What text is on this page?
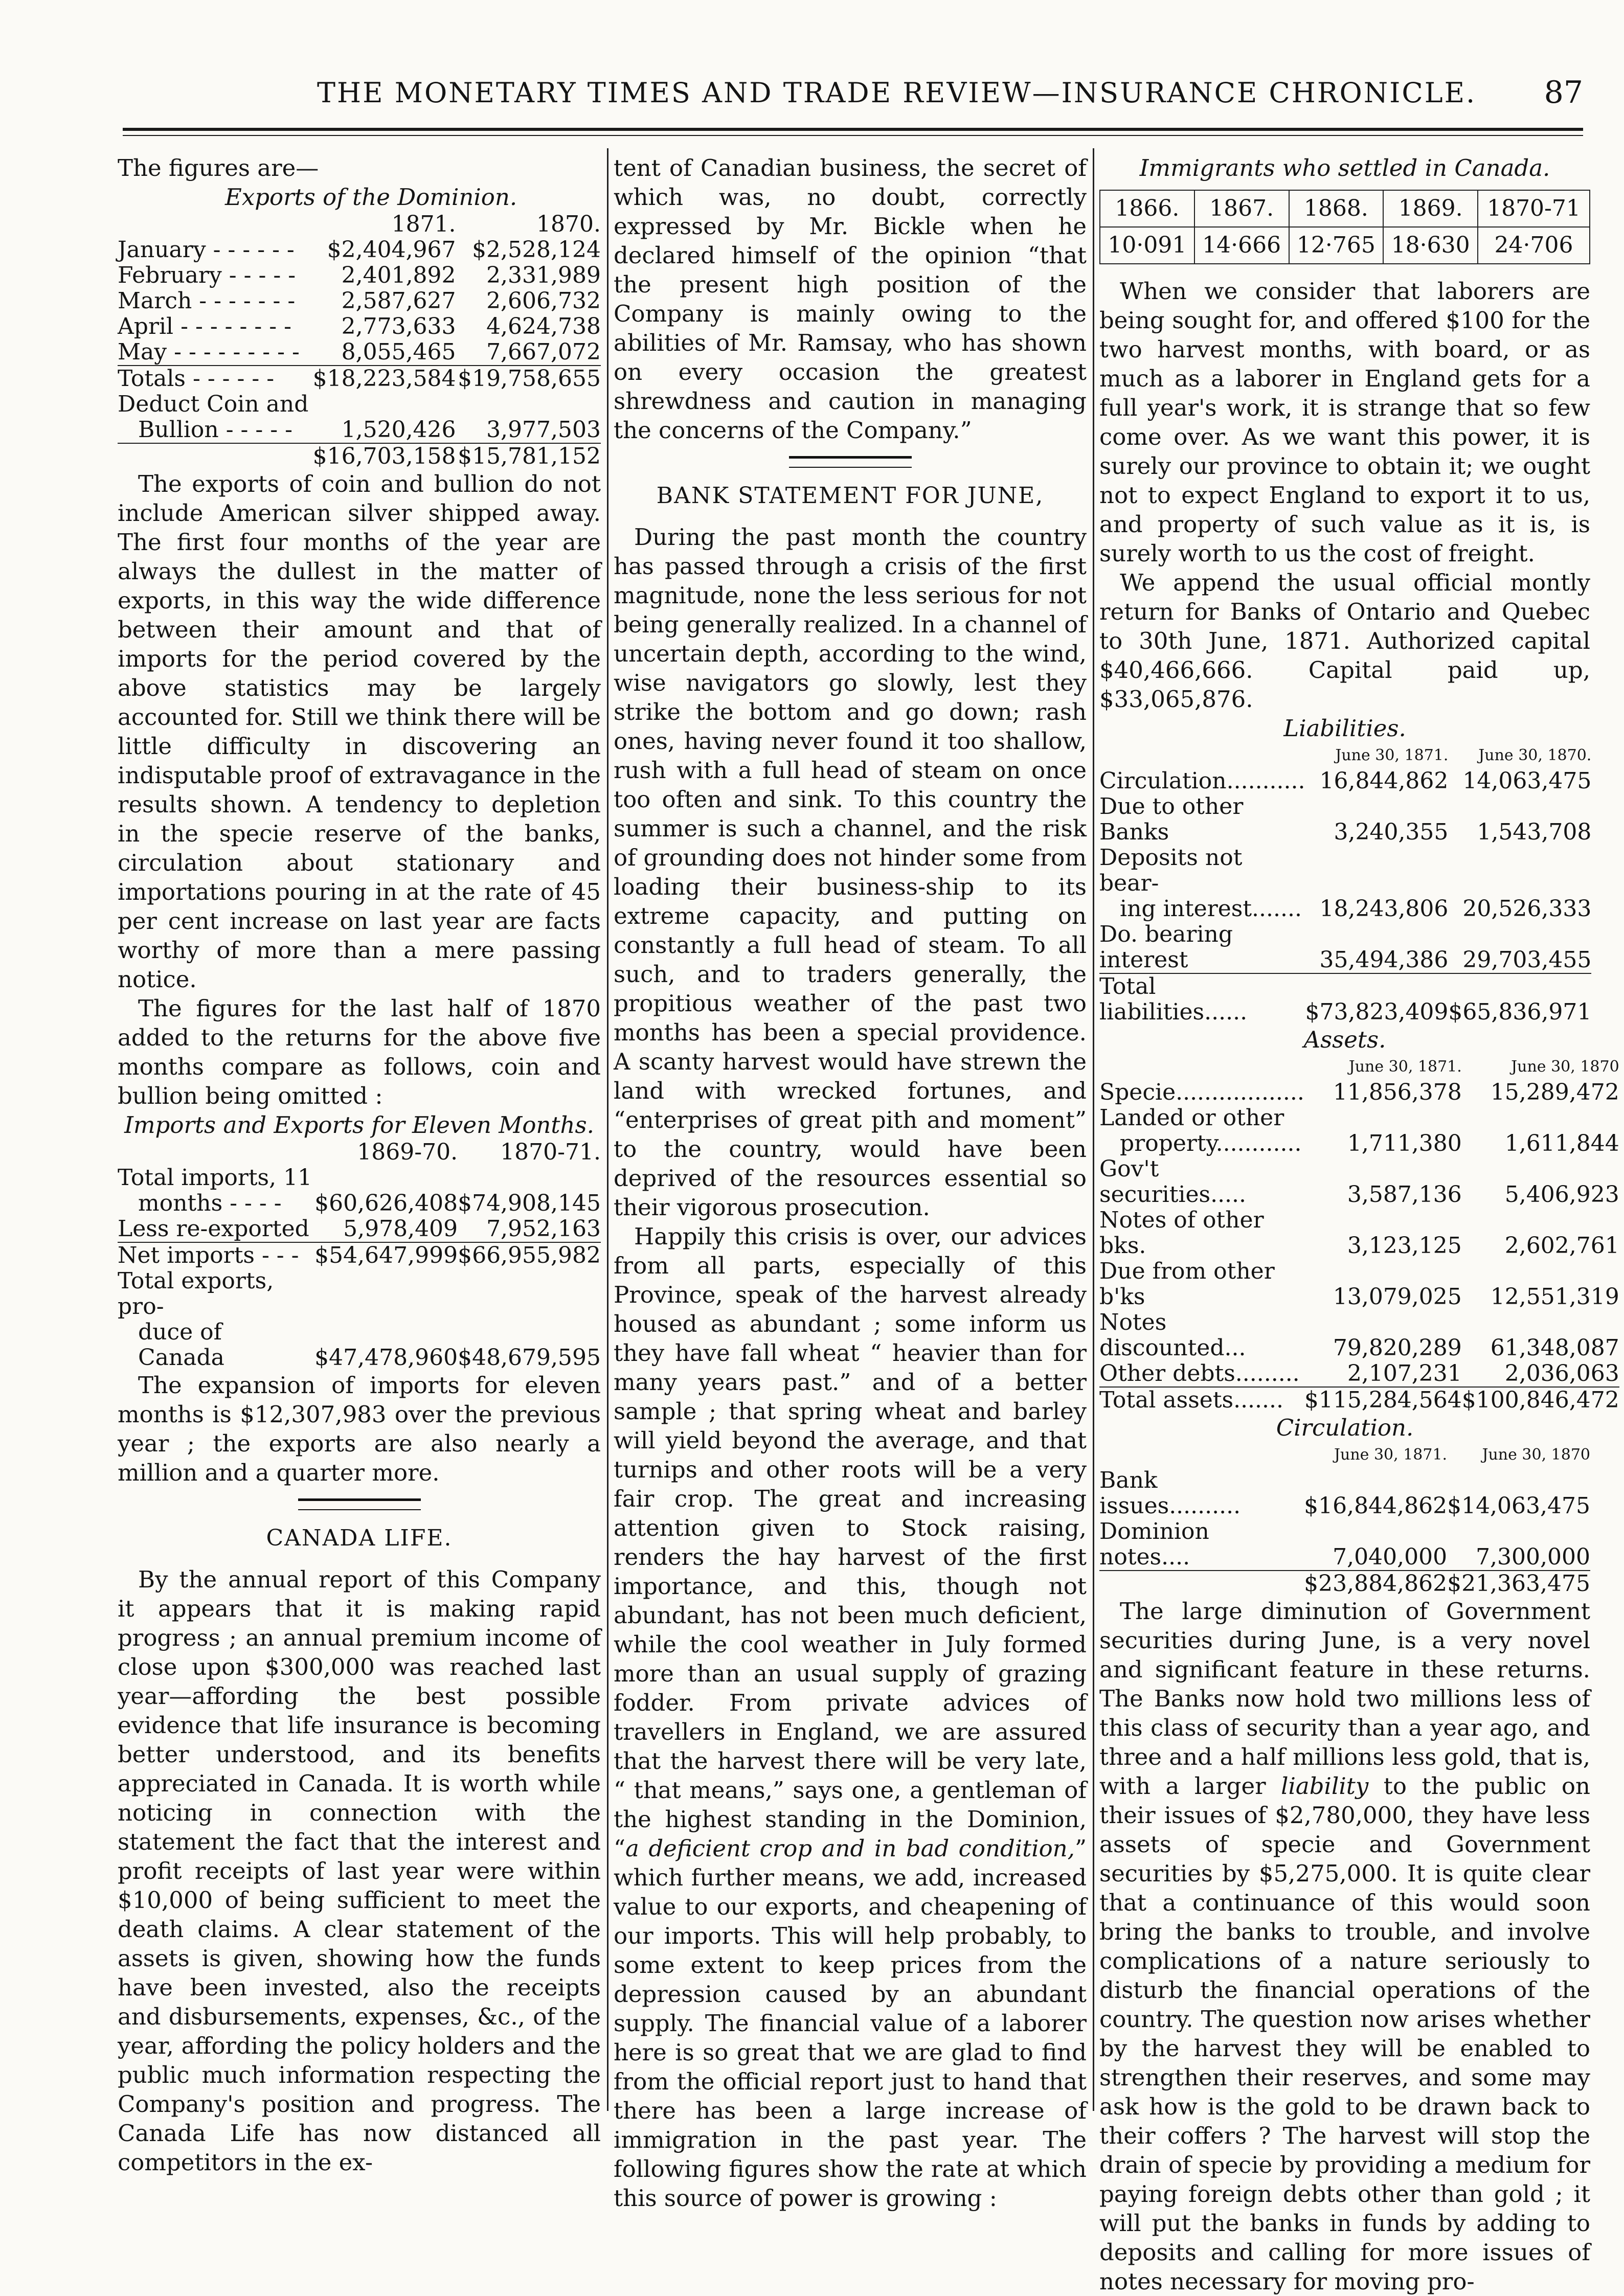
THE MONETARY TIMES AND TRADE REVIEW—INSURANCE CHRONICLE. 87

The figures are—

Exports of the Dominion.
	1871.	1870.
January - - - - - -	$2,404,967	$2,528,124
February - - - - -	2,401,892	2,331,989
March - - - - - - -	2,587,627	2,606,732
April - - - - - - - -	2,773,633	4,624,738
May - - - - - - - - -	8,055,465	7,667,072
Totals - - - - - -	$18,223,584	$19,758,655
Deduct Coin and		
Bullion - - - - -	1,520,426	3,977,503
	$16,703,158	$15,781,152

The exports of coin and bullion do not include American silver shipped away. The first four months of the year are always the dullest in the matter of exports, in this way the wide difference between their amount and that of imports for the period covered by the above statistics may be largely accounted for. Still we think there will be little difficulty in discovering an indisputable proof of extravagance in the results shown. A tendency to depletion in the specie reserve of the banks, circulation about stationary and importations pouring in at the rate of 45 per cent increase on last year are facts worthy of more than a mere passing notice.

The figures for the last half of 1870 added to the returns for the above five months compare as follows, coin and bullion being omitted :

Imports and Exports for Eleven Months.
	1869-70.	1870-71.
Total imports, 11		
months - - - -	$60,626,408	$74,908,145
Less re-exported	5,978,409	7,952,163
Net imports - - -	$54,647,999	$66,955,982
Total exports, pro-		
duce of Canada	$47,478,960	$48,679,595

The expansion of imports for eleven months is $12,307,983 over the previous year ; the exports are also nearly a million and a quarter more.

CANADA LIFE.

By the annual report of this Company it appears that it is making rapid progress ; an annual premium income of close upon $300,000 was reached last year—affording the best possible evidence that life insurance is becoming better understood, and its benefits appreciated in Canada. It is worth while noticing in connection with the statement the fact that the interest and profit receipts of last year were within $10,000 of being sufficient to meet the death claims. A clear statement of the assets is given, showing how the funds have been invested, also the receipts and disbursements, expenses, &c., of the year, affording the policy holders and the public much information respecting the Company's position and progress. The Canada Life has now distanced all competitors in the ex-

tent of Canadian business, the secret of which was, no doubt, correctly expressed by Mr. Bickle when he declared himself of the opinion “that the present high position of the Company is mainly owing to the abilities of Mr. Ramsay, who has shown on every occasion the greatest shrewdness and caution in managing the concerns of the Company.”

BANK STATEMENT FOR JUNE,

During the past month the country has passed through a crisis of the first magnitude, none the less serious for not being generally realized. In a channel of uncertain depth, according to the wind, wise navigators go slowly, lest they strike the bottom and go down; rash ones, having never found it too shallow, rush with a full head of steam on once too often and sink. To this country the summer is such a channel, and the risk of grounding does not hinder some from loading their business-ship to its extreme capacity, and putting on constantly a full head of steam. To all such, and to traders generally, the propitious weather of the past two months has been a special providence. A scanty harvest would have strewn the land with wrecked fortunes, and “enterprises of great pith and moment” to the country, would have been deprived of the resources essential so their vigorous prosecution.

Happily this crisis is over, our advices from all parts, especially of this Province, speak of the harvest already housed as abundant ; some inform us they have fall wheat “ heavier than for many years past.” and of a better sample ; that spring wheat and barley will yield beyond the average, and that turnips and other roots will be a very fair crop. The great and increasing attention given to Stock raising, renders the hay harvest of the first importance, and this, though not abundant, has not been much deficient, while the cool weather in July formed more than an usual supply of grazing fodder. From private advices of travellers in England, we are assured that the harvest there will be very late, “ that means,” says one, a gentleman of the highest standing in the Dominion, “a deficient crop and in bad condition,” which further means, we add, increased value to our exports, and cheapening of our imports. This will help probably, to some extent to keep prices from the depression caused by an abundant supply. The financial value of a laborer here is so great that we are glad to find from the official report just to hand that there has been a large increase of immigration in the past year. The following figures show the rate at which this source of power is growing :

Immigrants who settled in Canada.
1866.	1867.	1868.	1869.	1870-71
10·091	14·666	12·765	18·630	24·706

When we consider that laborers are being sought for, and offered $100 for the two harvest months, with board, or as much as a laborer in England gets for a full year's work, it is strange that so few come over. As we want this power, it is surely our province to obtain it; we ought not to expect England to export it to us, and property of such value as it is, is surely worth to us the cost of freight.

We append the usual official montly return for Banks of Ontario and Quebec to 30th June, 1871. Authorized capital $40,466,666. Capital paid up, $33,065,876.

Liabilities.
	June 30, 1871.	June 30, 1870.
Circulation...........	16,844,862	14,063,475
Due to other Banks	3,240,355	1,543,708
Deposits not bear-		
ing interest.......	18,243,806	20,526,333
Do. bearing interest	35,494,386	29,703,455
Total liabilities......	$73,823,409	$65,836,971
Assets.
	June 30, 1871.	June 30, 1870
Specie..................	11,856,378	15,289,472
Landed or other		
property............	1,711,380	1,611,844
Gov't securities.....	3,587,136	5,406,923
Notes of other bks.	3,123,125	2,602,761
Due from other b'ks	13,079,025	12,551,319
Notes discounted...	79,820,289	61,348,087
Other debts.........	2,107,231	2,036,063
Total assets.......	$115,284,564	$100,846,472
Circulation.
	June 30, 1871.	June 30, 1870
Bank issues..........	$16,844,862	$14,063,475
Dominion notes....	7,040,000	7,300,000
	$23,884,862	$21,363,475

The large diminution of Government securities during June, is a very novel and significant feature in these returns. The Banks now hold two millions less of this class of security than a year ago, and three and a half millions less gold, that is, with a larger liability to the public on their issues of $2,780,000, they have less assets of specie and Government securities by $5,275,000. It is quite clear that a continuance of this would soon bring the banks to trouble, and involve complications of a nature seriously to disturb the financial operations of the country. The question now arises whether by the harvest they will be enabled to strengthen their reserves, and some may ask how is the gold to be drawn back to their coffers ? The harvest will stop the drain of specie by providing a medium for paying foreign debts other than gold ; it will put the banks in funds by adding to deposits and calling for more issues of notes necessary for moving pro-
